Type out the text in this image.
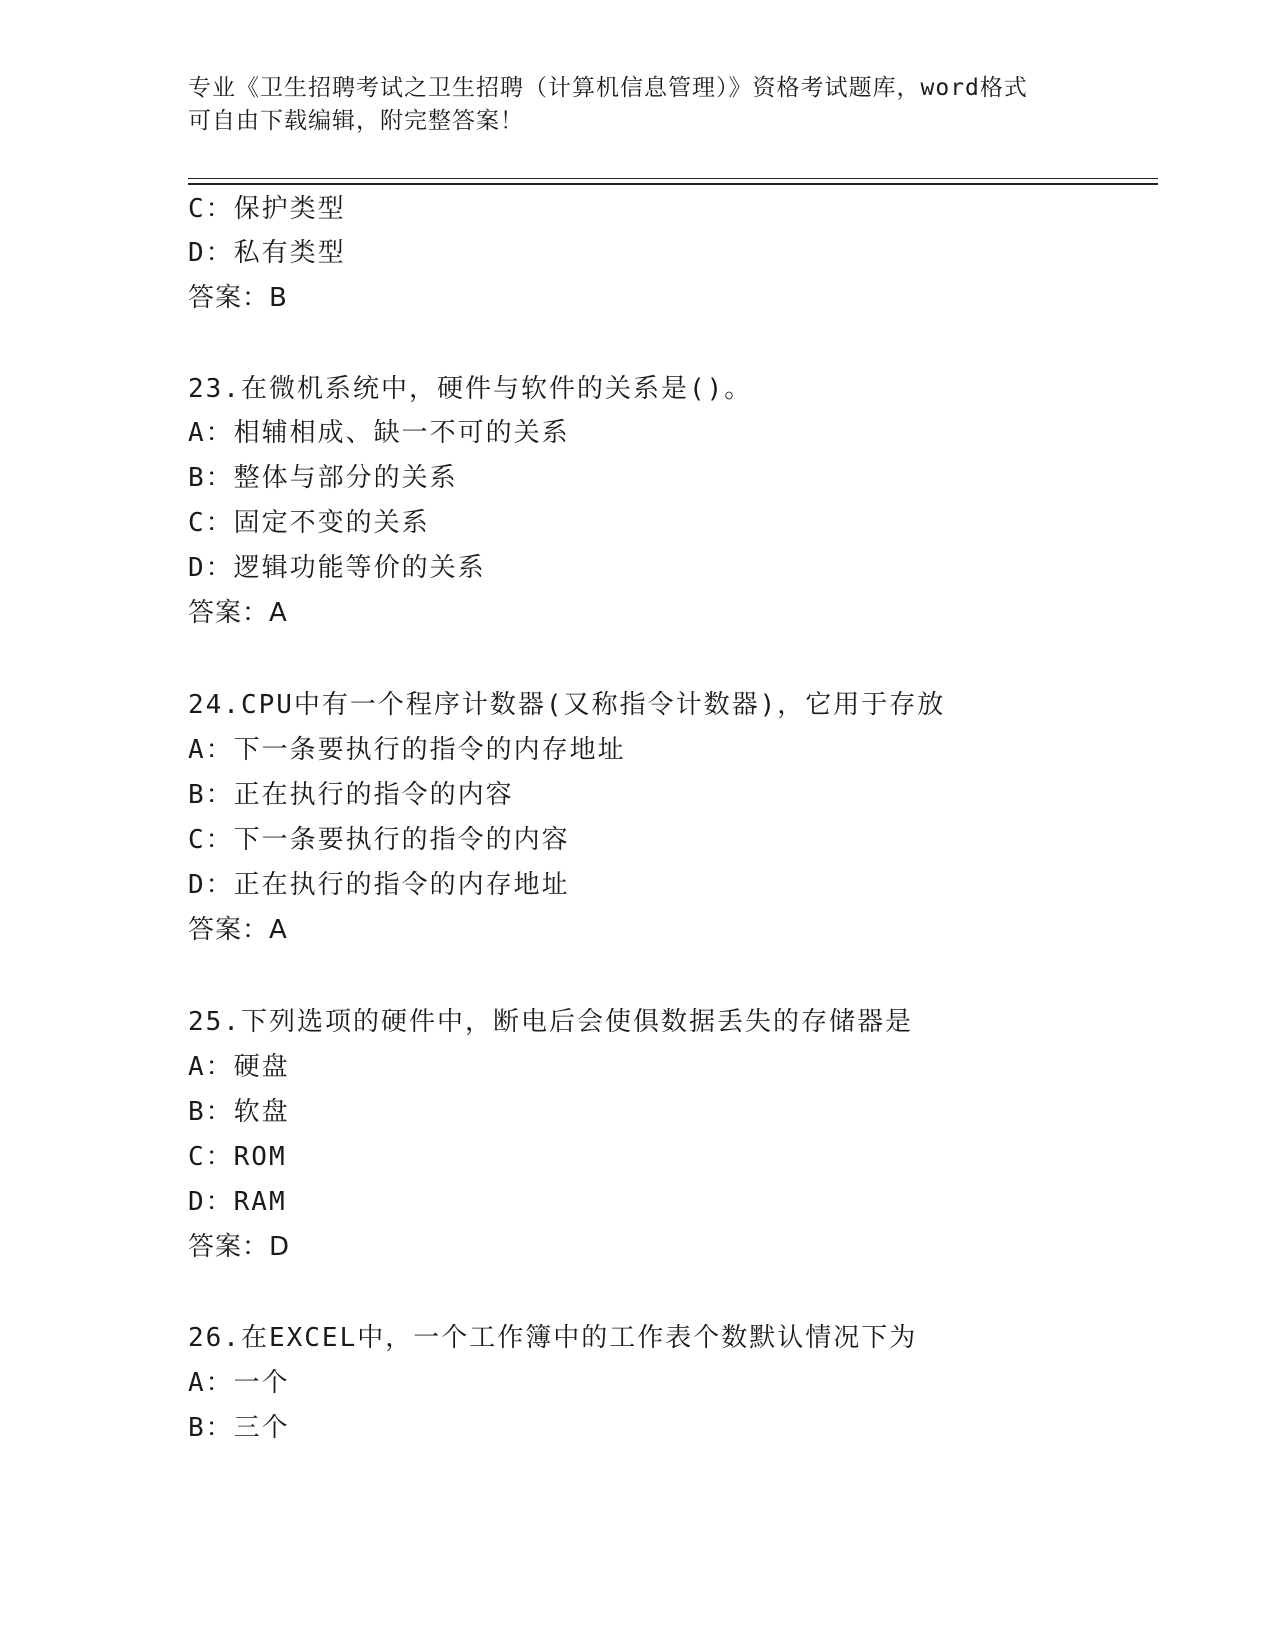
专业《卫生招聘考试之卫生招聘（计算机信息管理）》资格考试题库，word格式
可自由下载编辑，附完整答案！
C：保护类型
D：私有类型
答案：B
23.在微机系统中，硬件与软件的关系是()。
A：相辅相成、缺一不可的关系
B：整体与部分的关系
C：固定不变的关系
D：逻辑功能等价的关系
答案：A
24.CPU中有一个程序计数器(又称指令计数器)，它用于存放
A：下一条要执行的指令的内存地址
B：正在执行的指令的内容
C：下一条要执行的指令的内容
D：正在执行的指令的内存地址
答案：A
25.下列选项的硬件中，断电后会使俱数据丢失的存储器是
A：硬盘
B：软盘
C：ROM
D：RAM
答案：D
26.在EXCEL中，一个工作簿中的工作表个数默认情况下为
A：一个
B：三个
